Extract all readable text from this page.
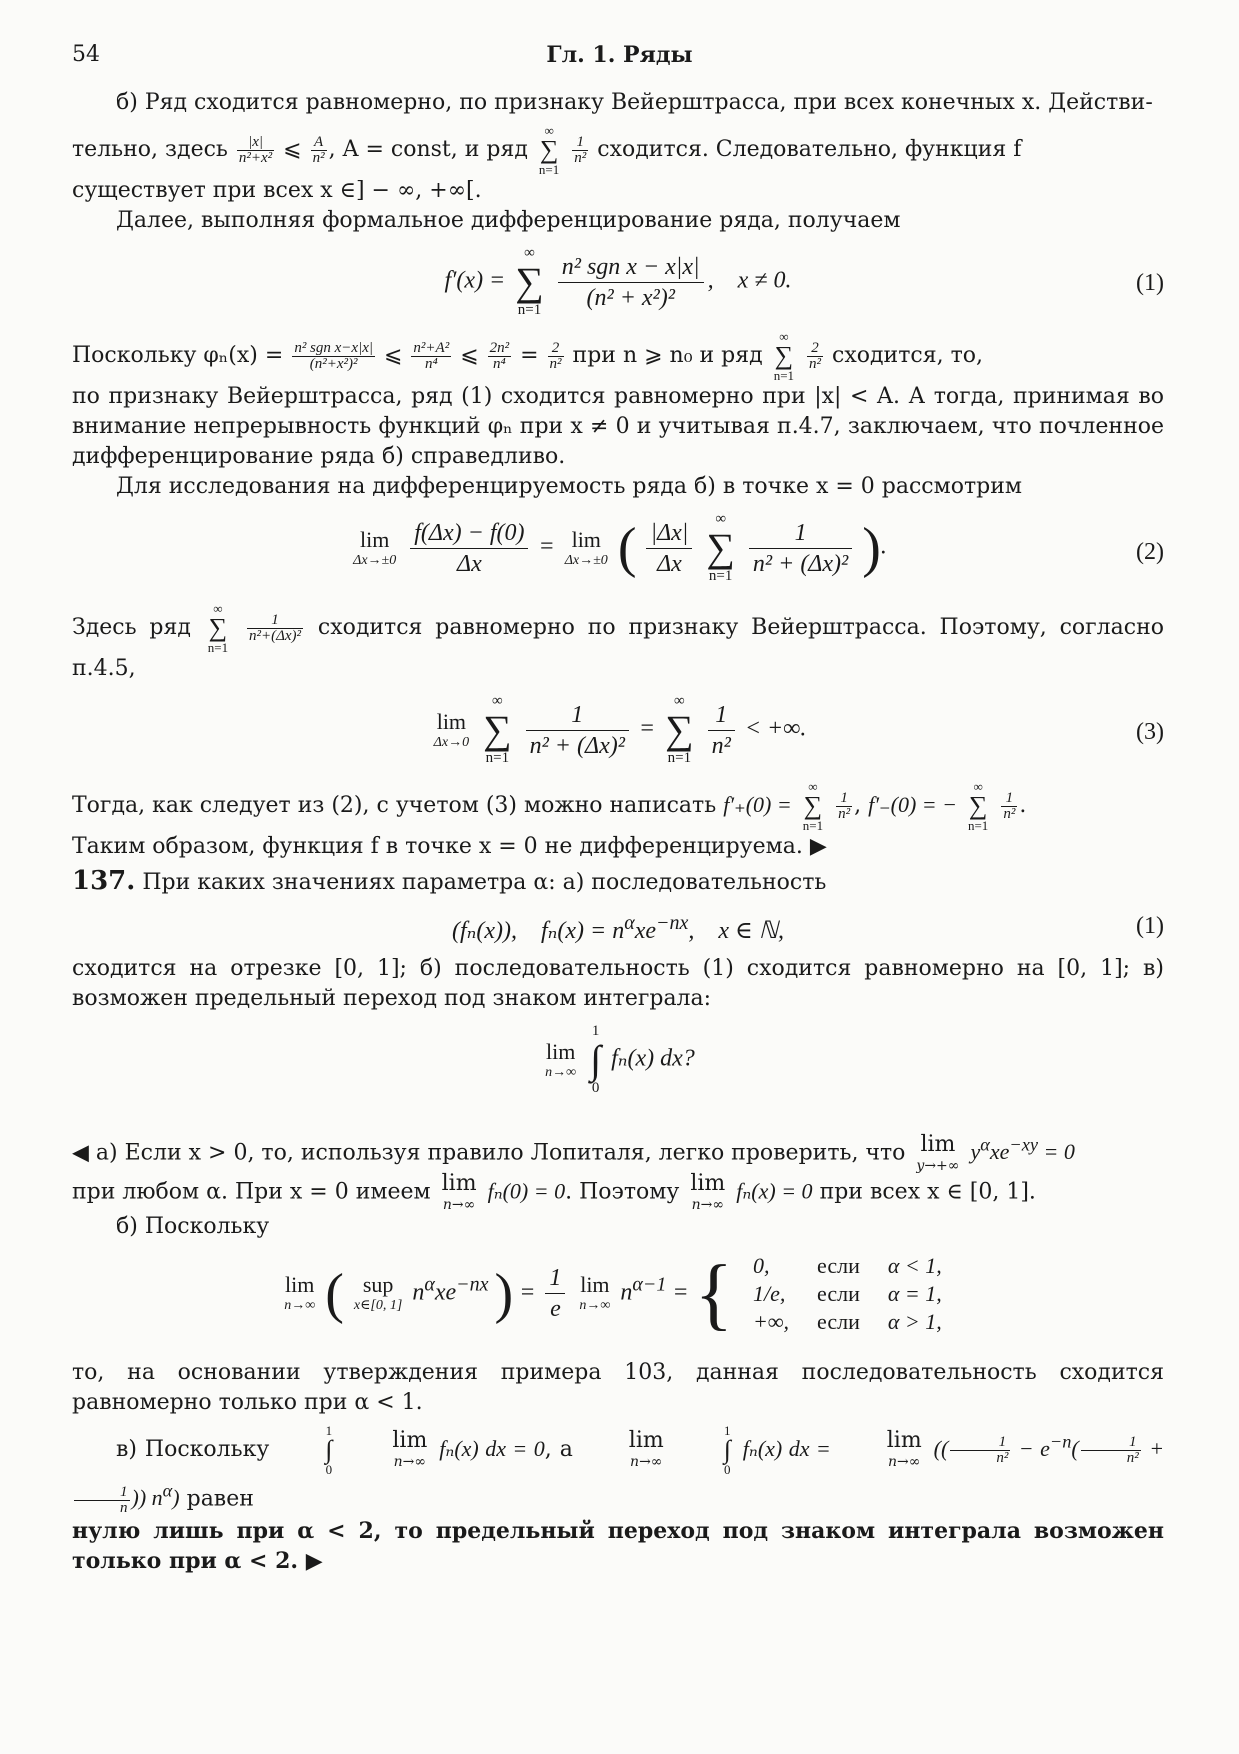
54	Гл. 1. Ряды

б) Ряд сходится равномерно, по признаку Вейерштрасса, при всех конечных x. Действи-

тельно, здесь $\frac{|x|}{\text{n²+x²}}$ ⩽ $\frac{A}{\text{n²}}$ , A = const, и ряд
∞
∑
n=1

$\frac{1}{\text{n²}}$ сходится. Следовательно, функция f

существует при всех x ∈] − ∞, +∞[.

Далее, выполняя формальное дифференцирование ряда, получаем

f′(x) =
∞
∑
n=1
$\frac{\text{n² sgn x − x|x|}}{\text{(n² + x²)²}}$ ,    x ≠ 0.	(1)

Поскольку φₙ(x) = n² sgn x−x|x|
(n²+x²)² ⩽ $\frac{\text{n²+A²}}{\text{n⁴}}$ ⩽ $\frac{\text{2n²}}{\text{n⁴}} = \frac{2}{\text{n²}}$ при n ⩾ n₀ и ряд
∞
∑
n=1

$\frac{2}{\text{n²}}$ сходится, то,

по признаку Вейерштрасса, ряд (1) сходится равномерно при |x| < A. А тогда, принимая во внимание непрерывность функций φₙ при x ≠ 0 и учитывая п.4.7, заключаем, что почленное дифференцирование ряда б) справедливо.

Для исследования на дифференцируемость ряда б) в точке x = 0 рассмотрим

lim
Δx→±0
$\frac{f(\Delta x) - f(0)}{\Delta x} = \lim$
Δx→±0 ( $\frac{|\Delta x|}{\Delta x}$
	∞
∑
n=1
$\frac{1}{\text{n² + (Δx)²}}$ ).	(2)

Здесь ряд
∞
∑
n=1

$\frac{1}{\text{n²+(Δx)²}}$ сходится равномерно по признаку Вейерштрасса. Поэтому, согласно п.4.5,

lim
Δx→0

∞
∑
n=1
$\frac{1}{\text{n² + (Δx)²}}$ =
∞
∑
n=1
$\frac{1}{\text{n²}}$ < +∞.	(3)

Тогда, как следует из (2), с учетом (3) можно написать f′₊(0) =
∞
∑
n=1

$\frac{1}{\text{n²}}$ , f′₋(0) = −
∞
∑
n=1

$\frac{1}{\text{n²}}$ .

Таким образом, функция f в точке x = 0 не дифференцируема. ▶

137. При каких значениях параметра α: а) последовательность

(fₙ(x)),    $f_n(x) = n^\alpha xe^{-nx}$,    x ∈ ℕ,	(1)

сходится на отрезке [0, 1]; б) последовательность (1) сходится равномерно на [0, 1]; в) возможен предельный переход под знаком интеграла:

lim
n→∞

1
∫
0
fₙ(x) dx?

◀ а) Если x > 0, то, используя правило Лопиталя, легко проверить, что lim
y→+∞
$y^\alpha xe^{-xy} = 0$

при любом α. При x = 0 имеем lim
n→∞
fₙ(0) = 0. Поэтому lim
n→∞
fₙ(x) = 0 при всех x ∈ [0, 1].

б) Поскольку

lim
n→∞ ( sup
x∈[0, 1]
$n^\alpha xe^{-nx}$ ) = $\frac{1}{e}$
lim
n→∞
$n^{\alpha-1}$ = { 0,	если	α < 1,
1/e,	если	α = 1,
+∞,	если	α > 1,

то, на основании утверждения примера 103, данная последовательность сходится равномерно только при α < 1.

в) Поскольку
1
∫
0

lim
n→∞
fₙ(x) dx = 0, а	lim
n→∞

1
∫
0
fₙ(x) dx =	lim
n→∞
(( $\frac{1}{\text{n²}} - e^{-n}( \frac{1}{\text{n²}}$ +
$\frac{1}{n}$ )) $n^\alpha$) равен

нулю лишь при α < 2, то предельный переход под знаком интеграла возможен только при α < 2. ▶
